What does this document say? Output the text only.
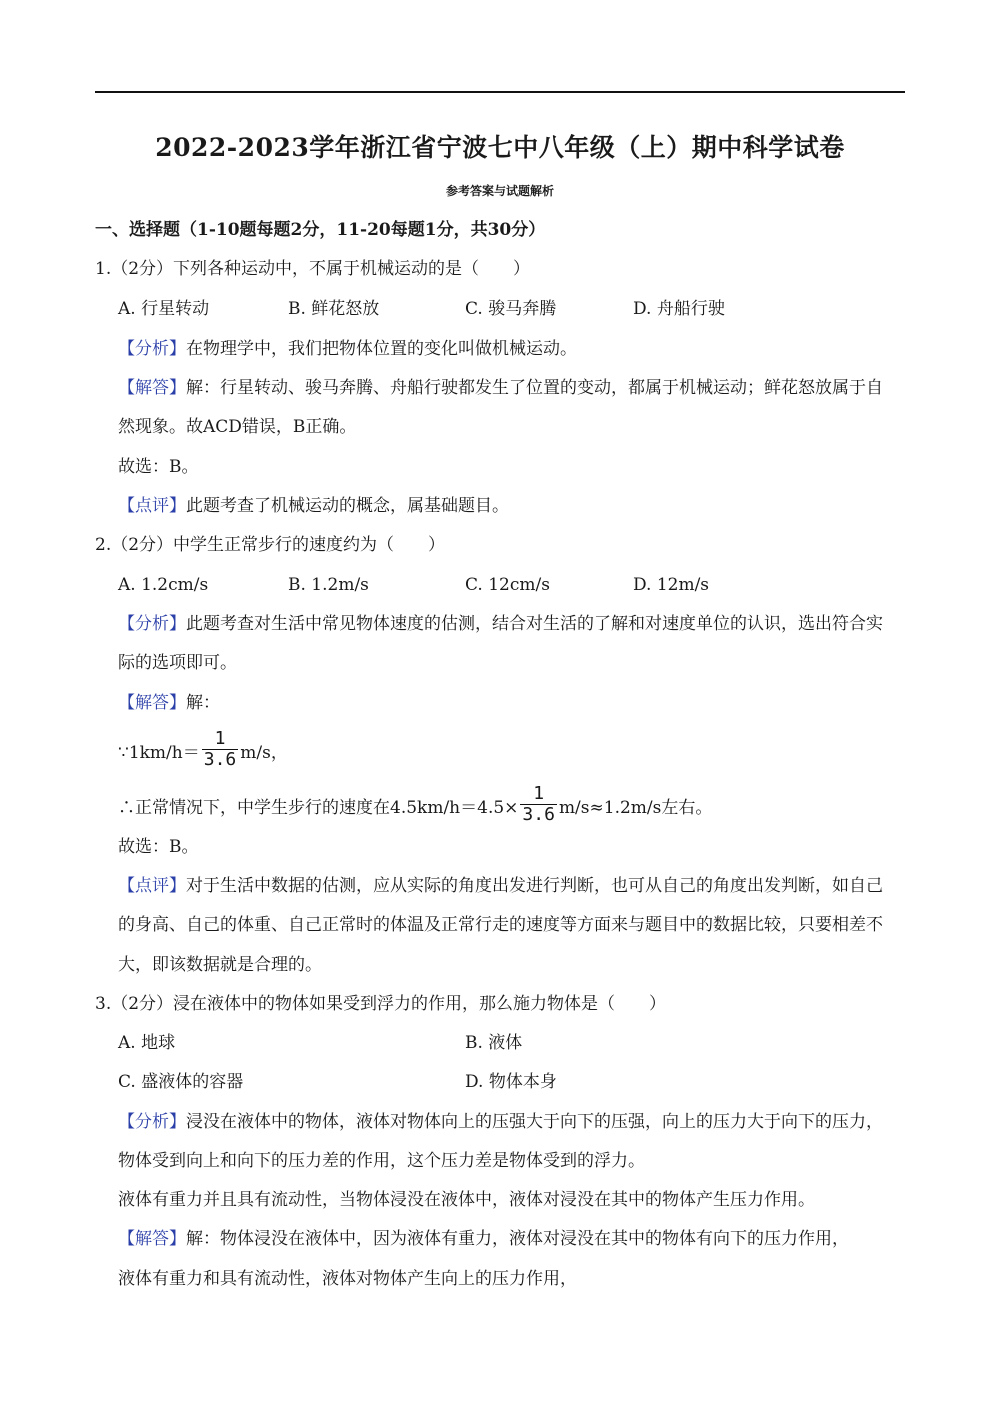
2022-2023学年浙江省宁波七中八年级（上）期中科学试卷
参考答案与试题解析
一、选择题（1-10题每题2分，11-20每题1分，共30分）
1.（2分）下列各种运动中，不属于机械运动的是（　　）
A. 行星转动	B. 鲜花怒放	C. 骏马奔腾	D. 舟船行驶
【分析】在物理学中，我们把物体位置的变化叫做机械运动。
【解答】解：行星转动、骏马奔腾、舟船行驶都发生了位置的变动，都属于机械运动；鲜花怒放属于自
然现象。故ACD错误，B正确。
故选：B。
【点评】此题考查了机械运动的概念，属基础题目。
2.（2分）中学生正常步行的速度约为（　　）
A. 1.2cm/s	B. 1.2m/s	C. 12cm/s	D. 12m/s
【分析】此题考查对生活中常见物体速度的估测，结合对生活的了解和对速度单位的认识，选出符合实
际的选项即可。
【解答】解：
∵1km/h＝ $\frac{1}{3.6} m/s$，
∴正常情况下，中学生步行的速度在$4.5km/h=4.5\times \frac{1}{3.6} m/s\approx 1.2m/s$左右。
故选：B。
【点评】对于生活中数据的估测，应从实际的角度出发进行判断，也可从自己的角度出发判断，如自己
的身高、自己的体重、自己正常时的体温及正常行走的速度等方面来与题目中的数据比较，只要相差不
大，即该数据就是合理的。
3.（2分）浸在液体中的物体如果受到浮力的作用，那么施力物体是（　　）
A. 地球	B. 液体
C. 盛液体的容器	D. 物体本身
【分析】浸没在液体中的物体，液体对物体向上的压强大于向下的压强，向上的压力大于向下的压力，
物体受到向上和向下的压力差的作用，这个压力差是物体受到的浮力。
液体有重力并且具有流动性，当物体浸没在液体中，液体对浸没在其中的物体产生压力作用。
【解答】解：物体浸没在液体中，因为液体有重力，液体对浸没在其中的物体有向下的压力作用，
液体有重力和具有流动性，液体对物体产生向上的压力作用，
